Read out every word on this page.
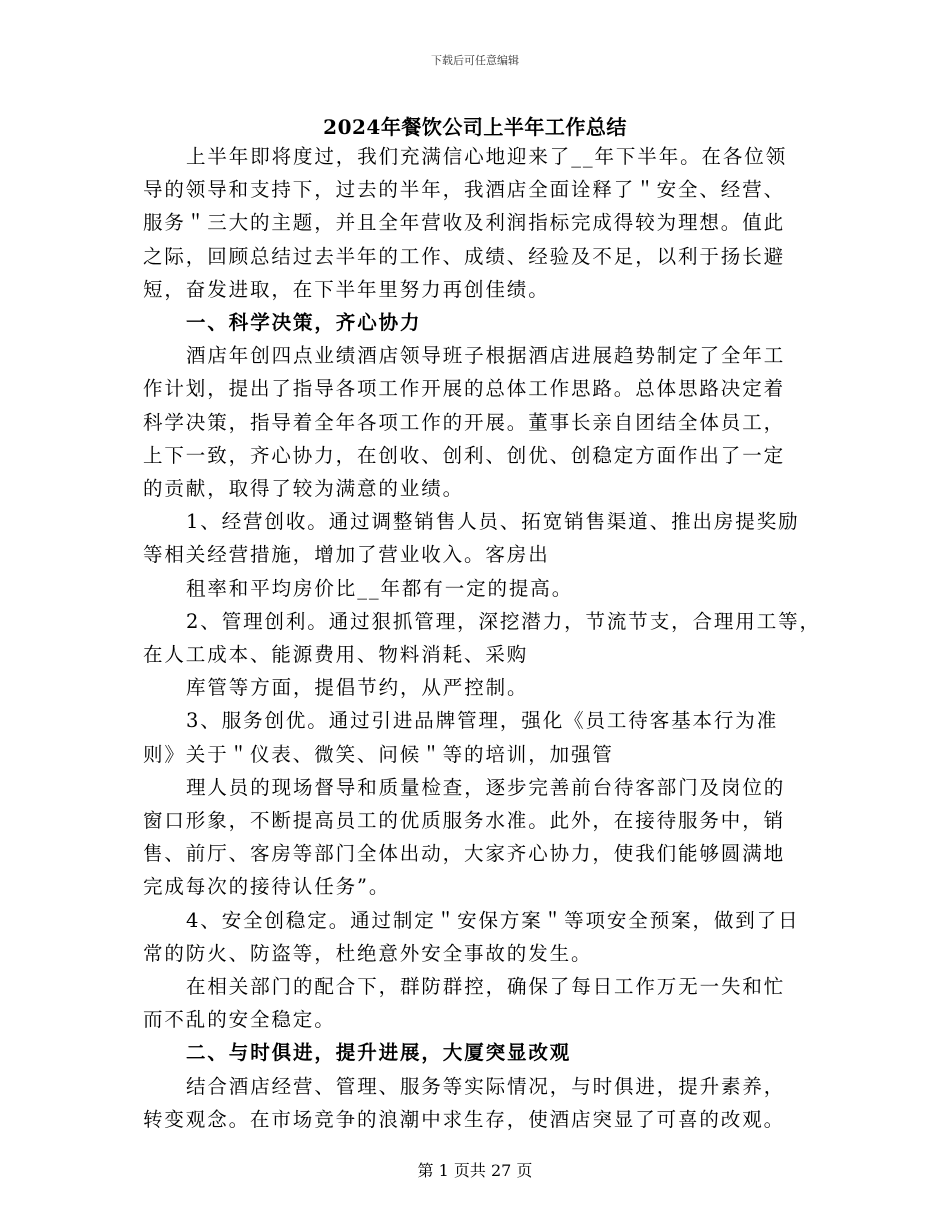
下载后可任意编辑
2024年餐饮公司上半年工作总结
上半年即将度过，我们充满信心地迎来了__年下半年。在各位领
导的领导和支持下，过去的半年，我酒店全面诠释了＂安全、经营、
服务＂三大的主题，并且全年营收及利润指标完成得较为理想。值此
之际，回顾总结过去半年的工作、成绩、经验及不足，以利于扬长避
短，奋发进取，在下半年里努力再创佳绩。
一、科学决策，齐心协力
酒店年创四点业绩酒店领导班子根据酒店进展趋势制定了全年工
作计划，提出了指导各项工作开展的总体工作思路。总体思路决定着
科学决策，指导着全年各项工作的开展。董事长亲自团结全体员工，
上下一致，齐心协力，在创收、创利、创优、创稳定方面作出了一定
的贡献，取得了较为满意的业绩。
1、经营创收。通过调整销售人员、拓宽销售渠道、推出房提奖励
等相关经营措施，增加了营业收入。客房出
租率和平均房价比__年都有一定的提高。
2、管理创利。通过狠抓管理，深挖潜力，节流节支，合理用工等，
在人工成本、能源费用、物料消耗、采购
库管等方面，提倡节约，从严控制。
3、服务创优。通过引进品牌管理，强化《员工待客基本行为准
则》关于＂仪表、微笑、问候＂等的培训，加强管
理人员的现场督导和质量检查，逐步完善前台待客部门及岗位的
窗口形象，不断提高员工的优质服务水准。此外，在接待服务中，销
售、前厅、客房等部门全体出动，大家齐心协力，使我们能够圆满地
完成每次的接待认任务”。
4、安全创稳定。通过制定＂安保方案＂等项安全预案，做到了日
常的防火、防盗等，杜绝意外安全事故的发生。
在相关部门的配合下，群防群控，确保了每日工作万无一失和忙
而不乱的安全稳定。
二、与时俱进，提升进展，大厦突显改观
结合酒店经营、管理、服务等实际情况，与时俱进，提升素养，
转变观念。在市场竞争的浪潮中求生存，使酒店突显了可喜的改观。
第 1 页共 27 页
